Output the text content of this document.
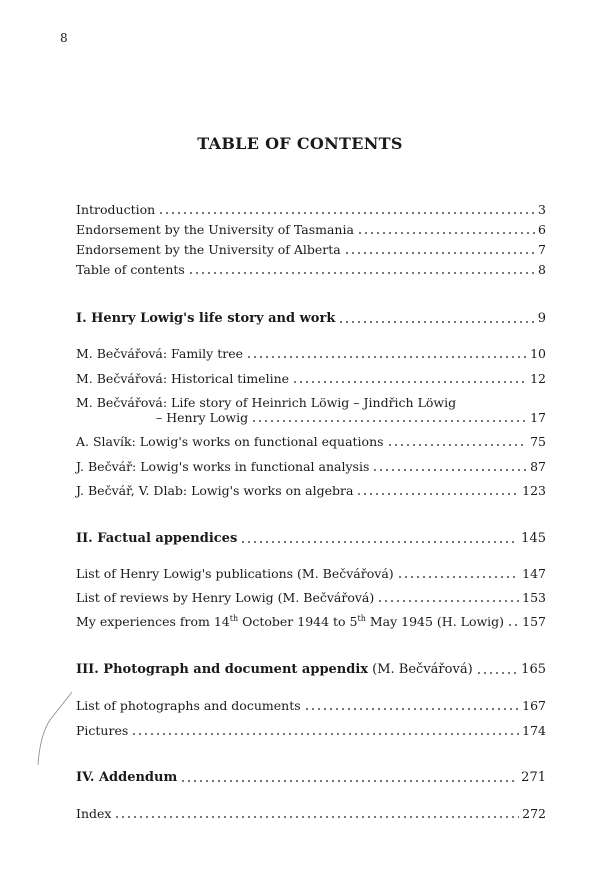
8
TABLE OF CONTENTS
Introduction	3
Endorsement by the University of Tasmania	6
Endorsement by the University of Alberta	7
Table of contents	8
I. Henry Lowig's life story and work	9
M. Bečvářová: Family tree	10
M. Bečvářová: Historical timeline	12
M. Bečvářová: Life story of Heinrich Löwig – Jindřich Löwig
– Henry Lowig	17
A. Slavík: Lowig's works on functional equations	75
J. Bečvář: Lowig's works in functional analysis	87
J. Bečvář, V. Dlab: Lowig's works on algebra	123
II. Factual appendices	145
List of Henry Lowig's publications (M. Bečvářová)	147
List of reviews by Henry Lowig (M. Bečvářová)	153
My experiences from 14th October 1944 to 5th May 1945 (H. Lowig) 157
III. Photograph and document appendix (M. Bečvářová)	165
List of photographs and documents	167
Pictures	174
IV. Addendum	271
Index	272
